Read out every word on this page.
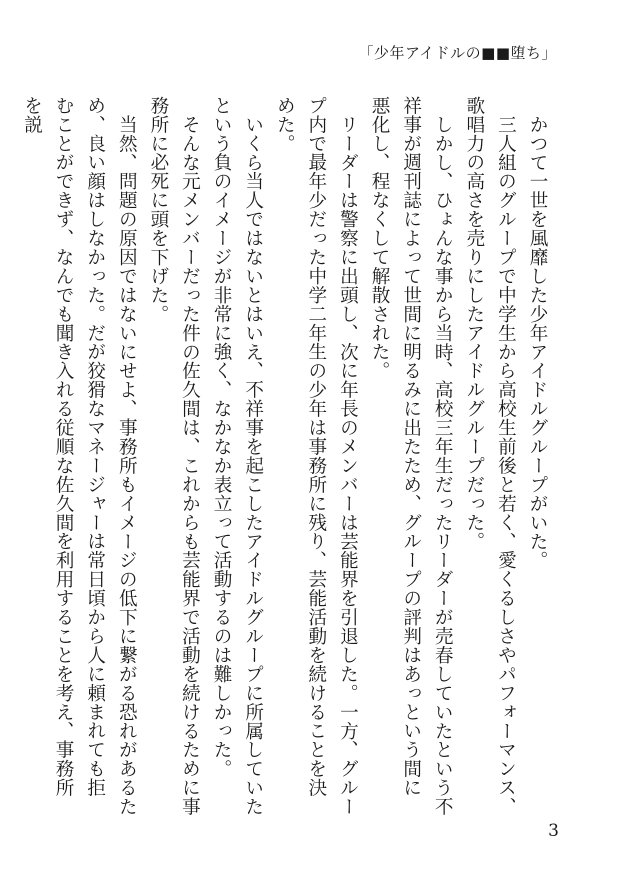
「少年アイドルの■■堕ち」

かつて一世を風靡した少年アイドルグループがいた。

三人組のグループで中学生から高校生前後と若く、愛くるしさやパフォーマンス、歌唱力の高さを売りにしたアイドルグループだった。

しかし、ひょんな事から当時、高校三年生だったリーダーが売春していたという不祥事が週刊誌によって世間に明るみに出たため、グループの評判はあっという間に悪化し、程なくして解散された。

リーダーは警察に出頭し、次に年長のメンバーは芸能界を引退した。一方、グループ内で最年少だった中学二年生の少年は事務所に残り、芸能活動を続けることを決めた。

いくら当人ではないとはいえ、不祥事を起こしたアイドルグループに所属していたという負のイメージが非常に強く、なかなか表立って活動するのは難しかった。

そんな元メンバーだった件の佐久間は、これからも芸能界で活動を続けるために事務所に必死に頭を下げた。

当然、問題の原因ではないにせよ、事務所もイメージの低下に繋がる恐れがあるため、良い顔はしなかった。だが狡猾なマネージャーは常日頃から人に頼まれても拒むことができず、なんでも聞き入れる従順な佐久間を利用することを考え、事務所を説

3
